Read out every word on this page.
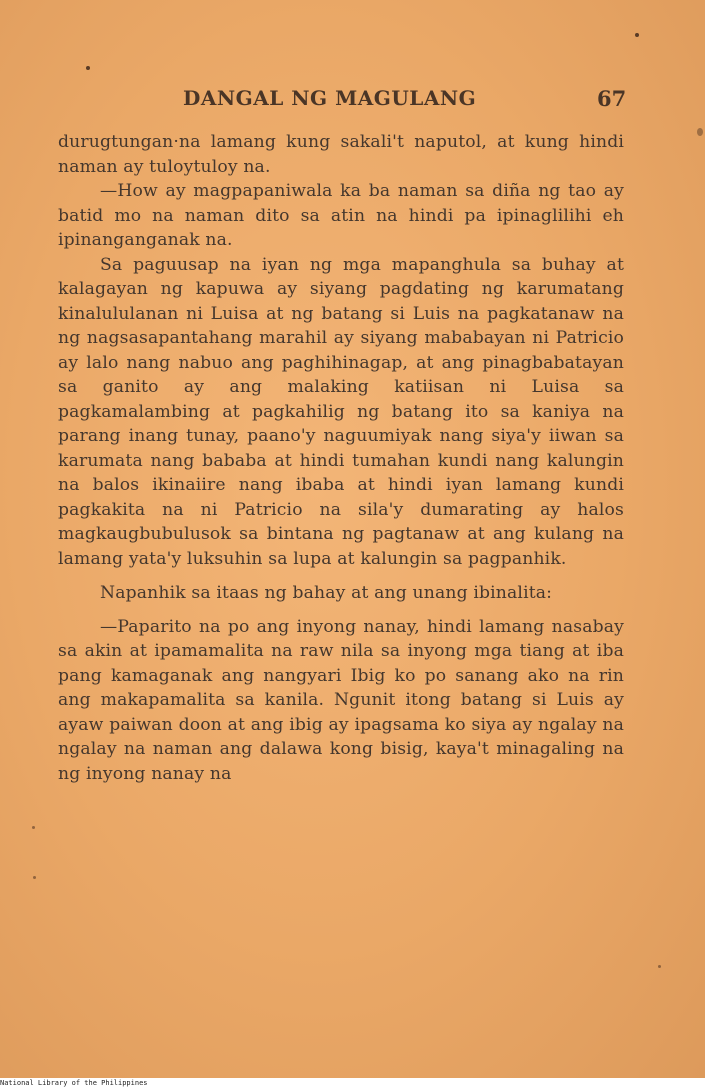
DANGAL NG MAGULANG	67

durugtungan·na lamang kung sakali't naputol, at kung hindi naman ay tuloytuloy na.

—How ay magpapaniwala ka ba naman sa diña ng tao ay batid mo na naman dito sa atin na hindi pa ipinaglilihi eh ipinanganganak na.

Sa paguusap na iyan ng mga mapanghula sa buhay at kalagayan ng kapuwa ay siyang pagdating ng karumatang kinalululanan ni Luisa at ng batang si Luis na pagkatanaw na ng nagsasapantahang marahil ay siyang mababayan ni Patricio ay lalo nang nabuo ang paghihinagap, at ang pinagbabatayan sa ganito ay ang malaking katiisan ni Luisa sa pagkamalambing at pagkahilig ng batang ito sa kaniya na parang inang tunay, paano'y naguumiyak nang siya'y iiwan sa karumata nang bababa at hindi tumahan kundi nang kalungin na balos ikinaiire nang ibaba at hindi iyan lamang kundi pagkakita na ni Patricio na sila'y dumarating ay halos magkaugbubulusok sa bintana ng pagtanaw at ang kulang na lamang yata'y luksuhin sa lupa at kalungin sa pagpanhik.

Napanhik sa itaas ng bahay at ang unang ibinalita:

—Paparito na po ang inyong nanay, hindi lamang nasabay sa akin at ipamamalita na raw nila sa inyong mga tiang at iba pang kamaganak ang nangyari Ibig ko po sanang ako na rin ang makapamalita sa kanila. Ngunit itong batang si Luis ay ayaw paiwan doon at ang ibig ay ipagsama ko siya ay ngalay na ngalay na naman ang dalawa kong bisig, kaya't minagaling na ng inyong nanay na

National Library of the Philippines
